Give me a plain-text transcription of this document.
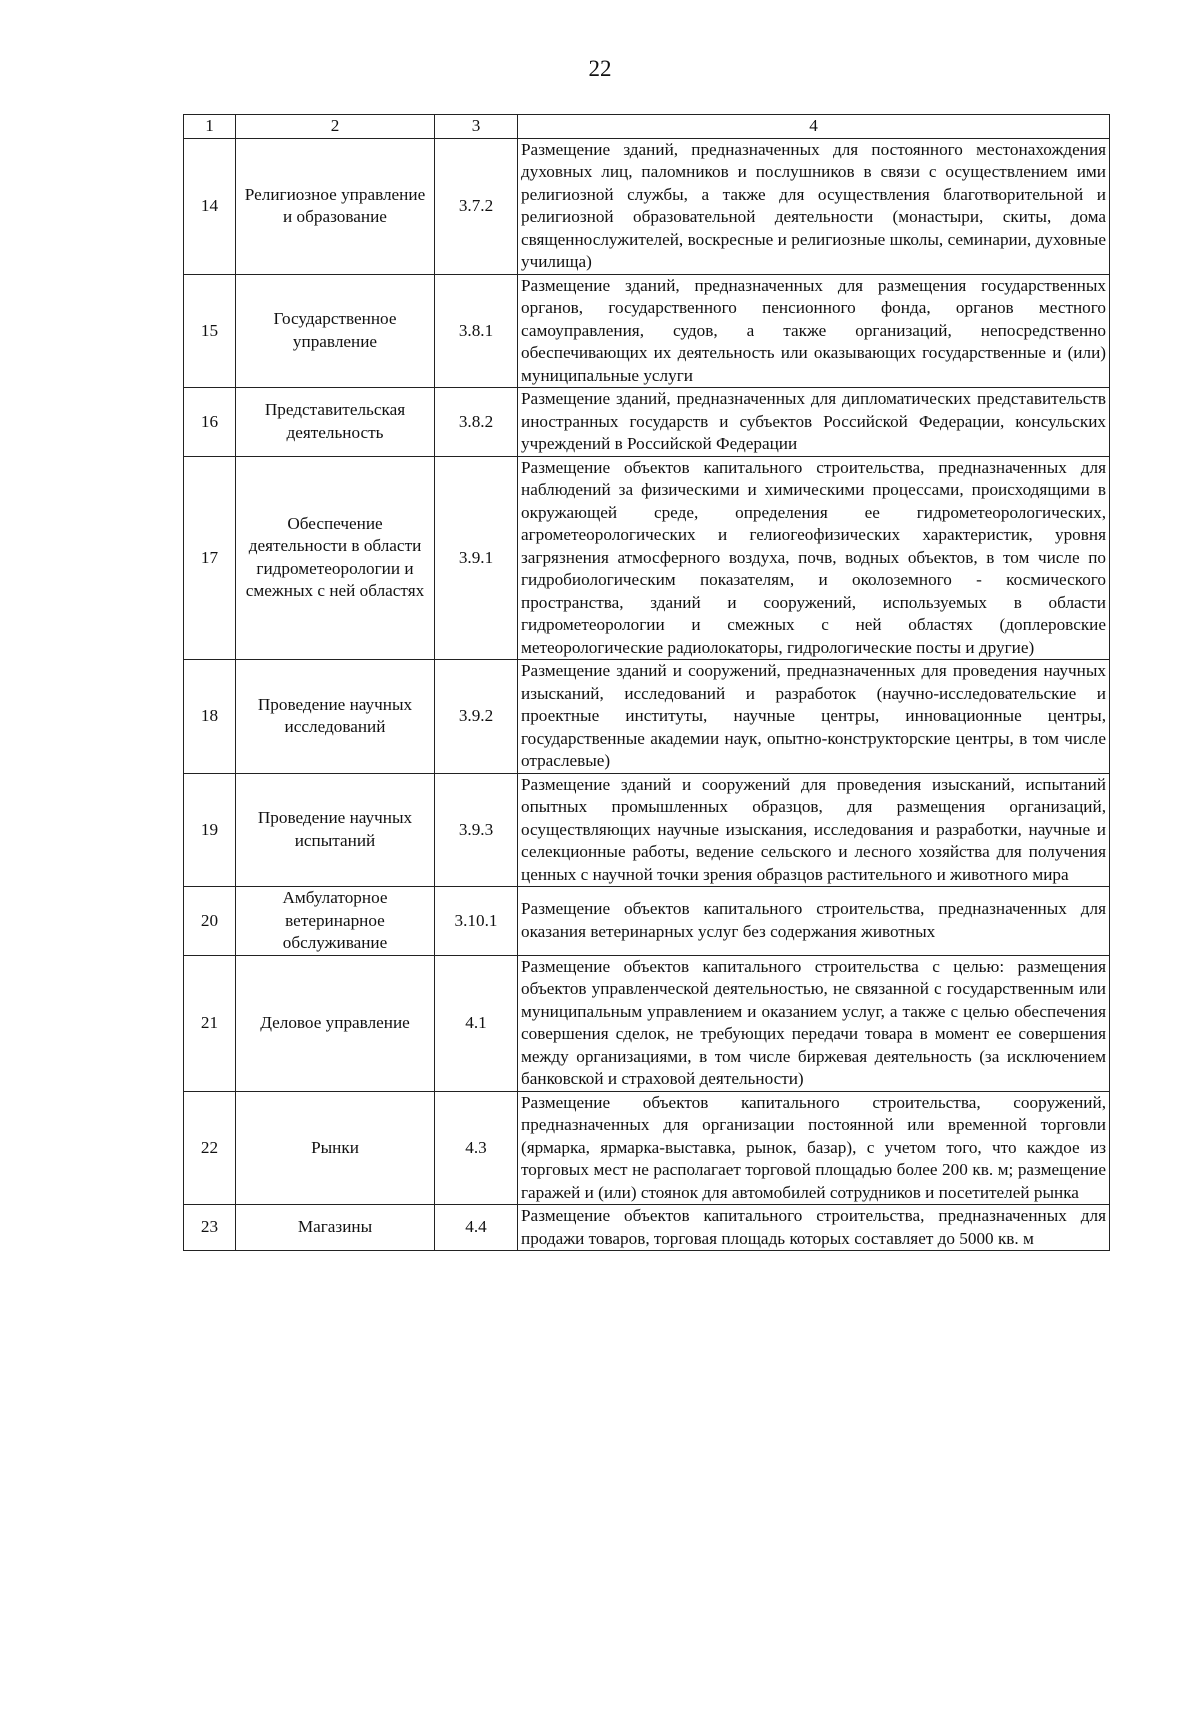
22
1	2	3	4
14	Религиозное управление и образование	3.7.2	Размещение зданий, предназначенных для постоянного местонахождения духовных лиц, паломников и послушников в связи с осуществлением ими религиозной службы, а также для осуществления благотворительной и религиозной образовательной деятельности (монастыри, скиты, дома священнослужителей, воскресные и религиозные школы, семинарии, духовные училища)
15	Государственное управление	3.8.1	Размещение зданий, предназначенных для размещения государственных органов, государственного пенсионного фонда, органов местного самоуправления, судов, а также организаций, непосредственно обеспечивающих их деятельность или оказывающих государственные и (или) муниципальные услуги
16	Представительская деятельность	3.8.2	Размещение зданий, предназначенных для дипломатических представительств иностранных государств и субъектов Российской Федерации, консульских учреждений в Российской Федерации
17	Обеспечение деятельности в области гидрометеорологии и смежных с ней областях	3.9.1	Размещение объектов капитального строительства, предназначенных для наблюдений за физическими и химическими процессами, происходящими в окружающей среде, определения ее гидрометеорологических, агрометеорологических и гелиогеофизических характеристик, уровня загрязнения атмосферного воздуха, почв, водных объектов, в том числе по гидробиологическим показателям, и околоземного - космического пространства, зданий и сооружений, используемых в области гидрометеорологии и смежных с ней областях (доплеровские метеорологические радиолокаторы, гидрологические посты и другие)
18	Проведение научных исследований	3.9.2	Размещение зданий и сооружений, предназначенных для проведения научных изысканий, исследований и разработок (научно-исследовательские и проектные институты, научные центры, инновационные центры, государственные академии наук, опытно-конструкторские центры, в том числе отраслевые)
19	Проведение научных испытаний	3.9.3	Размещение зданий и сооружений для проведения изысканий, испытаний опытных промышленных образцов, для размещения организаций, осуществляющих научные изыскания, исследования и разработки, научные и селекционные работы, ведение сельского и лесного хозяйства для получения ценных с научной точки зрения образцов растительного и животного мира
20	Амбулаторное ветеринарное обслуживание	3.10.1	Размещение объектов капитального строительства, предназначенных для оказания ветеринарных услуг без содержания животных
21	Деловое управление	4.1	Размещение объектов капитального строительства с целью: размещения объектов управленческой деятельностью, не связанной с государственным или муниципальным управлением и оказанием услуг, а также с целью обеспечения совершения сделок, не требующих передачи товара в момент ее совершения между организациями, в том числе биржевая деятельность (за исключением банковской и страховой деятельности)
22	Рынки	4.3	Размещение объектов капитального строительства, сооружений, предназначенных для организации постоянной или временной торговли (ярмарка, ярмарка-выставка, рынок, базар), с учетом того, что каждое из торговых мест не располагает торговой площадью более 200 кв. м; размещение гаражей и (или) стоянок для автомобилей сотрудников и посетителей рынка
23	Магазины	4.4	Размещение объектов капитального строительства, предназначенных для продажи товаров, торговая площадь которых составляет до 5000 кв. м
